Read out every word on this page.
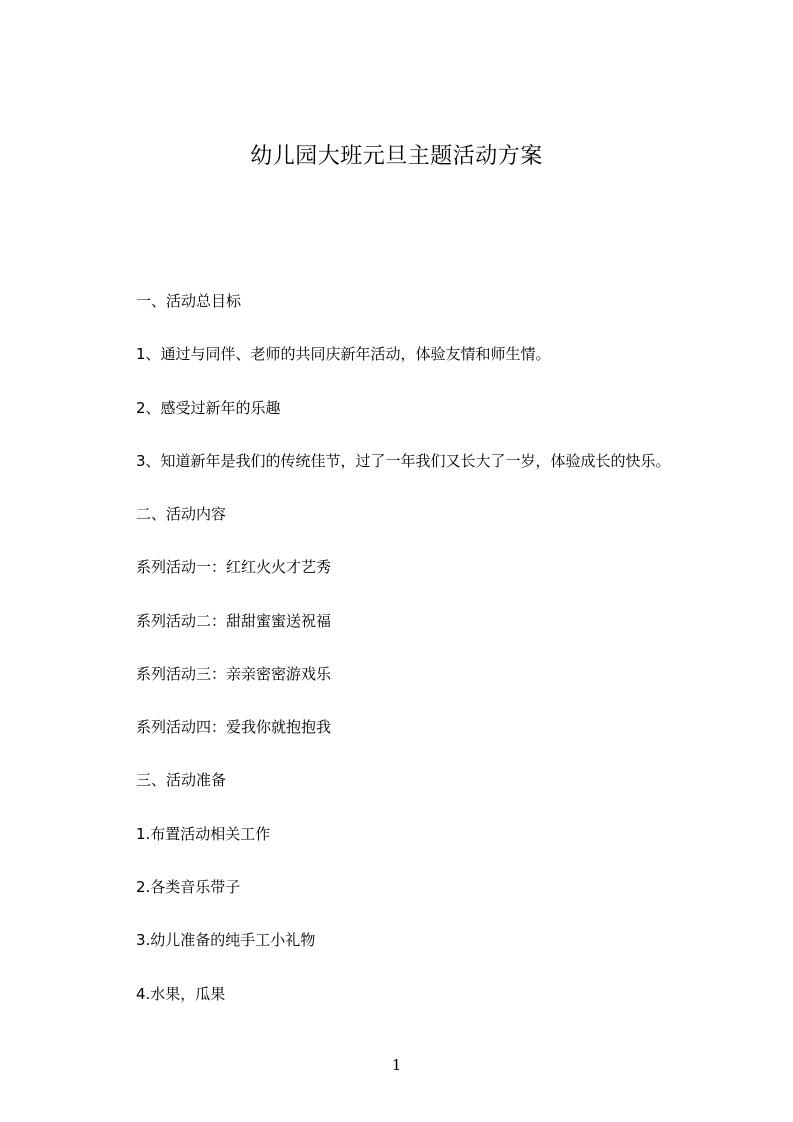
幼儿园大班元旦主题活动方案
一、活动总目标
1、通过与同伴、老师的共同庆新年活动，体验友情和师生情。
2、感受过新年的乐趣
3、知道新年是我们的传统佳节，过了一年我们又长大了一岁，体验成长的快乐。
二、活动内容
系列活动一：红红火火才艺秀
系列活动二：甜甜蜜蜜送祝福
系列活动三：亲亲密密游戏乐
系列活动四：爱我你就抱抱我
三、活动准备
1.布置活动相关工作
2.各类音乐带子
3.幼儿准备的纯手工小礼物
4.水果，瓜果
1
